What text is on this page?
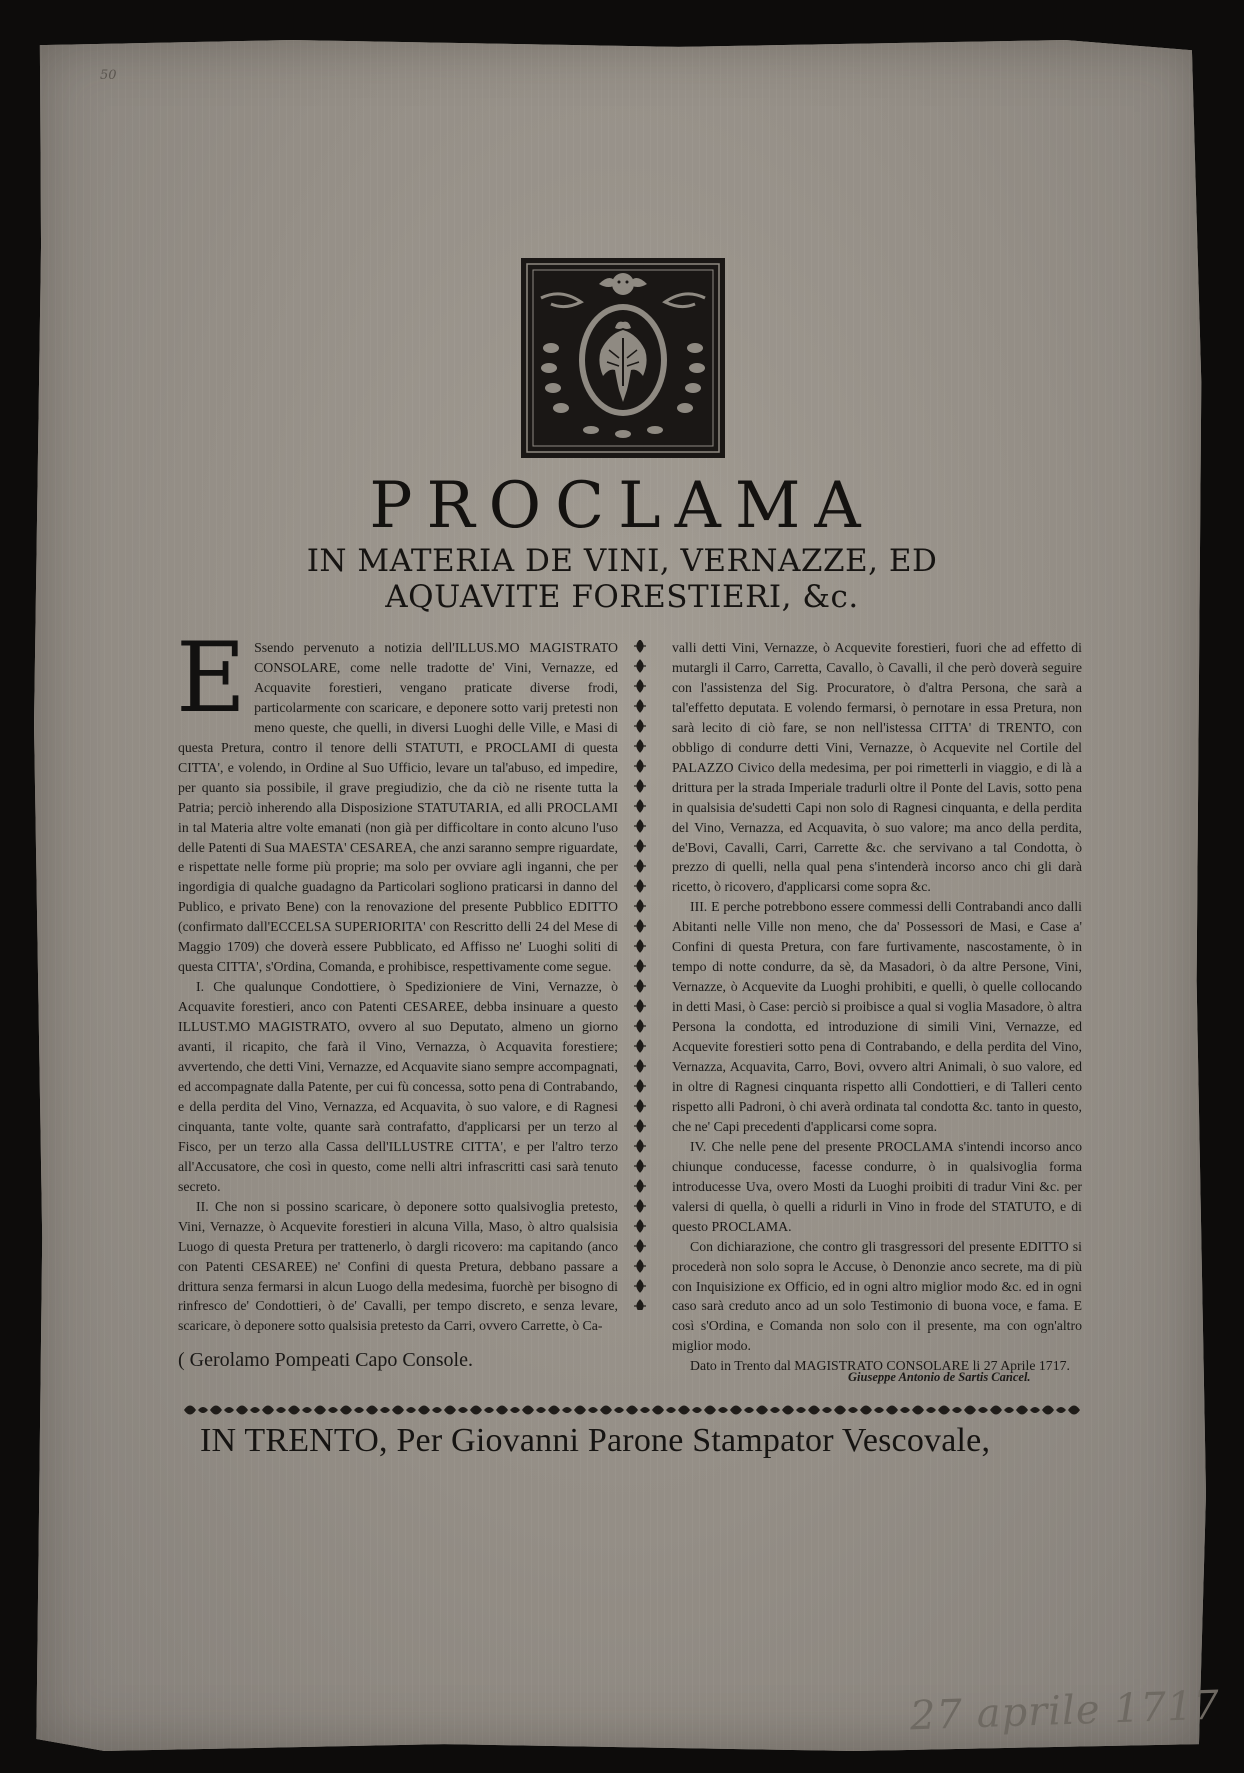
50
PROCLAMA
IN MATERIA DE VINI, VERNAZZE, ED
AQUAVITE FORESTIERI, &c.
E Ssendo pervenuto a notizia dell'ILLUS.MO MAGISTRATO CONSOLARE, come nelle tradotte de' Vini, Vernazze, ed Acquavite forestieri, vengano praticate diverse frodi, particolarmente con scaricare, e deponere sotto varij pretesti non meno queste, che quelli, in diversi Luoghi delle Ville, e Masi di questa Pretura, contro il tenore delli STATUTI, e PROCLAMI di questa CITTA', e volendo, in Ordine al Suo Ufficio, levare un tal'abuso, ed impedire, per quanto sia possibile, il grave pregiudizio, che da ciò ne risente tutta la Patria; perciò inherendo alla Disposizione STATUTARIA, ed alli PROCLAMI in tal Materia altre volte emanati (non già per difficoltare in conto alcuno l'uso delle Patenti di Sua MAESTA' CESAREA, che anzi saranno sempre riguardate, e rispettate nelle forme più proprie; ma solo per ovviare agli inganni, che per ingordigia di qualche guadagno da Particolari sogliono praticarsi in danno del Publico, e privato Bene) con la renovazione del presente Pubblico EDITTO (confirmato dall'ECCELSA SUPERIORITA' con Rescritto delli 24 del Mese di Maggio 1709) che doverà essere Pubblicato, ed Affisso ne' Luoghi soliti di questa CITTA', s'Ordina, Comanda, e prohibisce, respettivamente come segue.

I. Che qualunque Condottiere, ò Spedizioniere de Vini, Vernazze, ò Acquavite forestieri, anco con Patenti CESAREE, debba insinuare a questo ILLUST.MO MAGISTRATO, ovvero al suo Deputato, almeno un giorno avanti, il ricapito, che farà il Vino, Vernazza, ò Acquavita forestiere; avvertendo, che detti Vini, Vernazze, ed Acquavite siano sempre accompagnati, ed accompagnate dalla Patente, per cui fù concessa, sotto pena di Contrabando, e della perdita del Vino, Vernazza, ed Acquavita, ò suo valore, e di Ragnesi cinquanta, tante volte, quante sarà contrafatto, d'applicarsi per un terzo al Fisco, per un terzo alla Cassa dell'ILLUSTRE CITTA', e per l'altro terzo all'Accusatore, che così in questo, come nelli altri infrascritti casi sarà tenuto secreto.

II. Che non si possino scaricare, ò deponere sotto qualsivoglia pretesto, Vini, Vernazze, ò Acquevite forestieri in alcuna Villa, Maso, ò altro qualsisia Luogo di questa Pretura per trattenerlo, ò dargli ricovero: ma capitando (anco con Patenti CESAREE) ne' Confini di questa Pretura, debbano passare a drittura senza fermarsi in alcun Luogo della medesima, fuorchè per bisogno di rinfresco de' Condottieri, ò de' Cavalli, per tempo discreto, e senza levare, scaricare, ò deponere sotto qualsisia pretesto da Carri, ovvero Carrette, ò Ca-

valli detti Vini, Vernazze, ò Acquevite forestieri, fuori che ad effetto di mutargli il Carro, Carretta, Cavallo, ò Cavalli, il che però doverà seguire con l'assistenza del Sig. Procuratore, ò d'altra Persona, che sarà a tal'effetto deputata. E volendo fermarsi, ò pernotare in essa Pretura, non sarà lecito di ciò fare, se non nell'istessa CITTA' di TRENTO, con obbligo di condurre detti Vini, Vernazze, ò Acquevite nel Cortile del PALAZZO Civico della medesima, per poi rimetterli in viaggio, e di là a drittura per la strada Imperiale tradurli oltre il Ponte del Lavis, sotto pena in qualsisia de'sudetti Capi non solo di Ragnesi cinquanta, e della perdita del Vino, Vernazza, ed Acquavita, ò suo valore; ma anco della perdita, de'Bovi, Cavalli, Carri, Carrette &c. che servivano a tal Condotta, ò prezzo di quelli, nella qual pena s'intenderà incorso anco chi gli darà ricetto, ò ricovero, d'applicarsi come sopra &c.

III. E perche potrebbono essere commessi delli Contrabandi anco dalli Abitanti nelle Ville non meno, che da' Possessori de Masi, e Case a' Confini di questa Pretura, con fare furtivamente, nascostamente, ò in tempo di notte condurre, da sè, da Masadori, ò da altre Persone, Vini, Vernazze, ò Acquevite da Luoghi prohibiti, e quelli, ò quelle collocando in detti Masi, ò Case: perciò si proibisce a qual si voglia Masadore, ò altra Persona la condotta, ed introduzione di simili Vini, Vernazze, ed Acquevite forestieri sotto pena di Contrabando, e della perdita del Vino, Vernazza, Acquavita, Carro, Bovi, ovvero altri Animali, ò suo valore, ed in oltre di Ragnesi cinquanta rispetto alli Condottieri, e di Talleri cento rispetto alli Padroni, ò chi averà ordinata tal condotta &c. tanto in questo, che ne' Capi precedenti d'applicarsi come sopra.

IV. Che nelle pene del presente PROCLAMA s'intendi incorso anco chiunque conducesse, facesse condurre, ò in qualsivoglia forma introducesse Uva, overo Mosti da Luoghi proibiti di tradur Vini &c. per valersi di quella, ò quelli a ridurli in Vino in frode del STATUTO, e di questo PROCLAMA.

Con dichiarazione, che contro gli trasgressori del presente EDITTO si procederà non solo sopra le Accuse, ò Denonzie anco secrete, ma di più con Inquisizione ex Officio, ed in ogni altro miglior modo &c. ed in ogni caso sarà creduto anco ad un solo Testimonio di buona voce, e fama. E così s'Ordina, e Comanda non solo con il presente, ma con ogn'altro miglior modo.

Dato in Trento dal MAGISTRATO CONSOLARE li 27 Aprile 1717.

( Gerolamo Pompeati Capo Console.
Giuseppe Antonio de Sartis Cancel.
IN TRENTO, Per Giovanni Parone Stampator Vescovale,
27 aprile 1717
